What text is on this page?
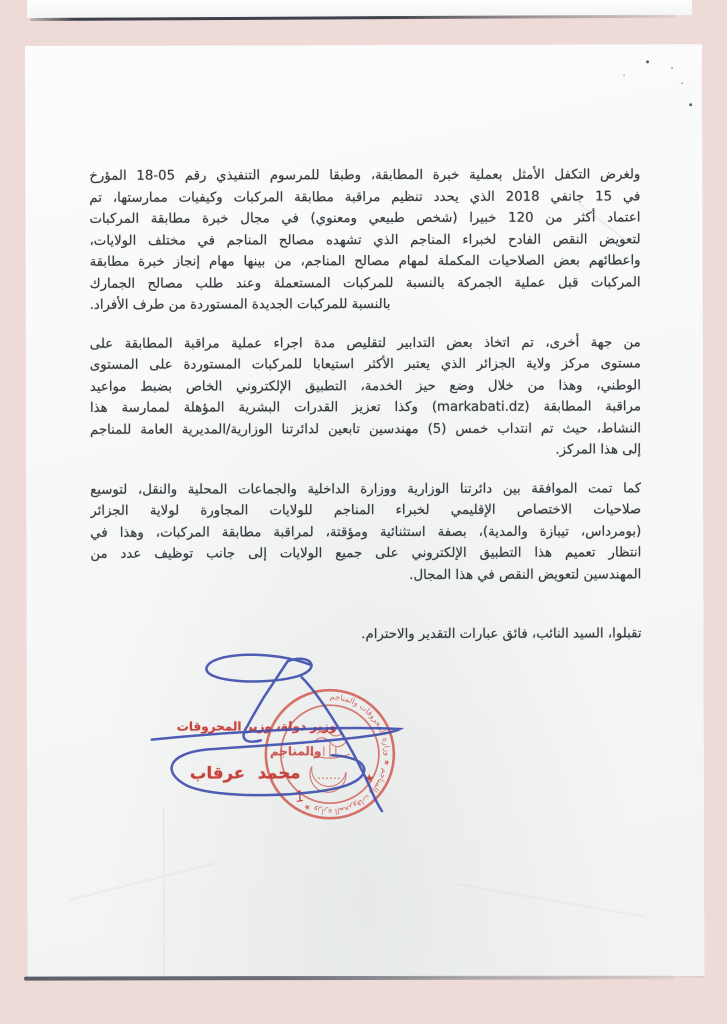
ولغرض التكفل الأمثل بعملية خبرة المطابقة، وطبقا للمرسوم التنفيذي رقم 05-18 المؤرخ
في 15 جانفي 2018 الذي يحدد تنظيم مراقبة مطابقة المركبات وكيفيات ممارستها، تم
اعتماد أكثر من 120 خبيرا (شخص طبيعي ومعنوي) في مجال خبرة مطابقة المركبات
لتعويض النقص الفادح لخبراء المناجم الذي تشهده مصالح المناجم في مختلف الولايات،
واعطائهم بعض الصلاحيات المكملة لمهام مصالح المناجم، من بينها مهام إنجاز خبرة مطابقة
المركبات قبل عملية الجمركة بالنسبة للمركبات المستعملة وعند طلب مصالح الجمارك
بالنسبة للمركبات الجديدة المستوردة من طرف الأفراد.
من جهة أخرى، تم اتخاذ بعض التدابير لتقليص مدة اجراء عملية مراقبة المطابقة على
مستوى مركز ولاية الجزائر الذي يعتبر الأكثر استيعابا للمركبات المستوردة على المستوى
الوطني، وهذا من خلال وضع حيز الخدمة، التطبيق الإلكتروني الخاص بضبط مواعيد
مراقبة المطابقة (markabati.dz) وكذا تعزيز القدرات البشرية المؤهلة لممارسة هذا
النشاط، حيث تم انتداب خمس (5) مهندسين تابعين لدائرتنا الوزارية/المديرية العامة للمناجم
إلى هذا المركز.
كما تمت الموافقة بين دائرتنا الوزارية ووزارة الداخلية والجماعات المحلية والنقل، لتوسيع
صلاحيات الاختصاص الإقليمي لخبراء المناجم للولايات المجاورة لولاية الجزائر
(بومرداس، تيبازة والمدية)، بصفة استثنائية ومؤقتة، لمراقبة مطابقة المركبات، وهذا في
انتظار تعميم هذا التطبيق الإلكتروني على جميع الولايات إلى جانب توظيف عدد من
المهندسين لتعويض النقص في هذا المجال.
تقبلوا، السيد النائب، فائق عبارات التقدير والاحترام.
وزارة المحروقات والمناجم ★ وزارة المحروقات والمناجم ★
★
1
وزير دولة، وزير المحروقات
والمناجم
محمد عرقاب
